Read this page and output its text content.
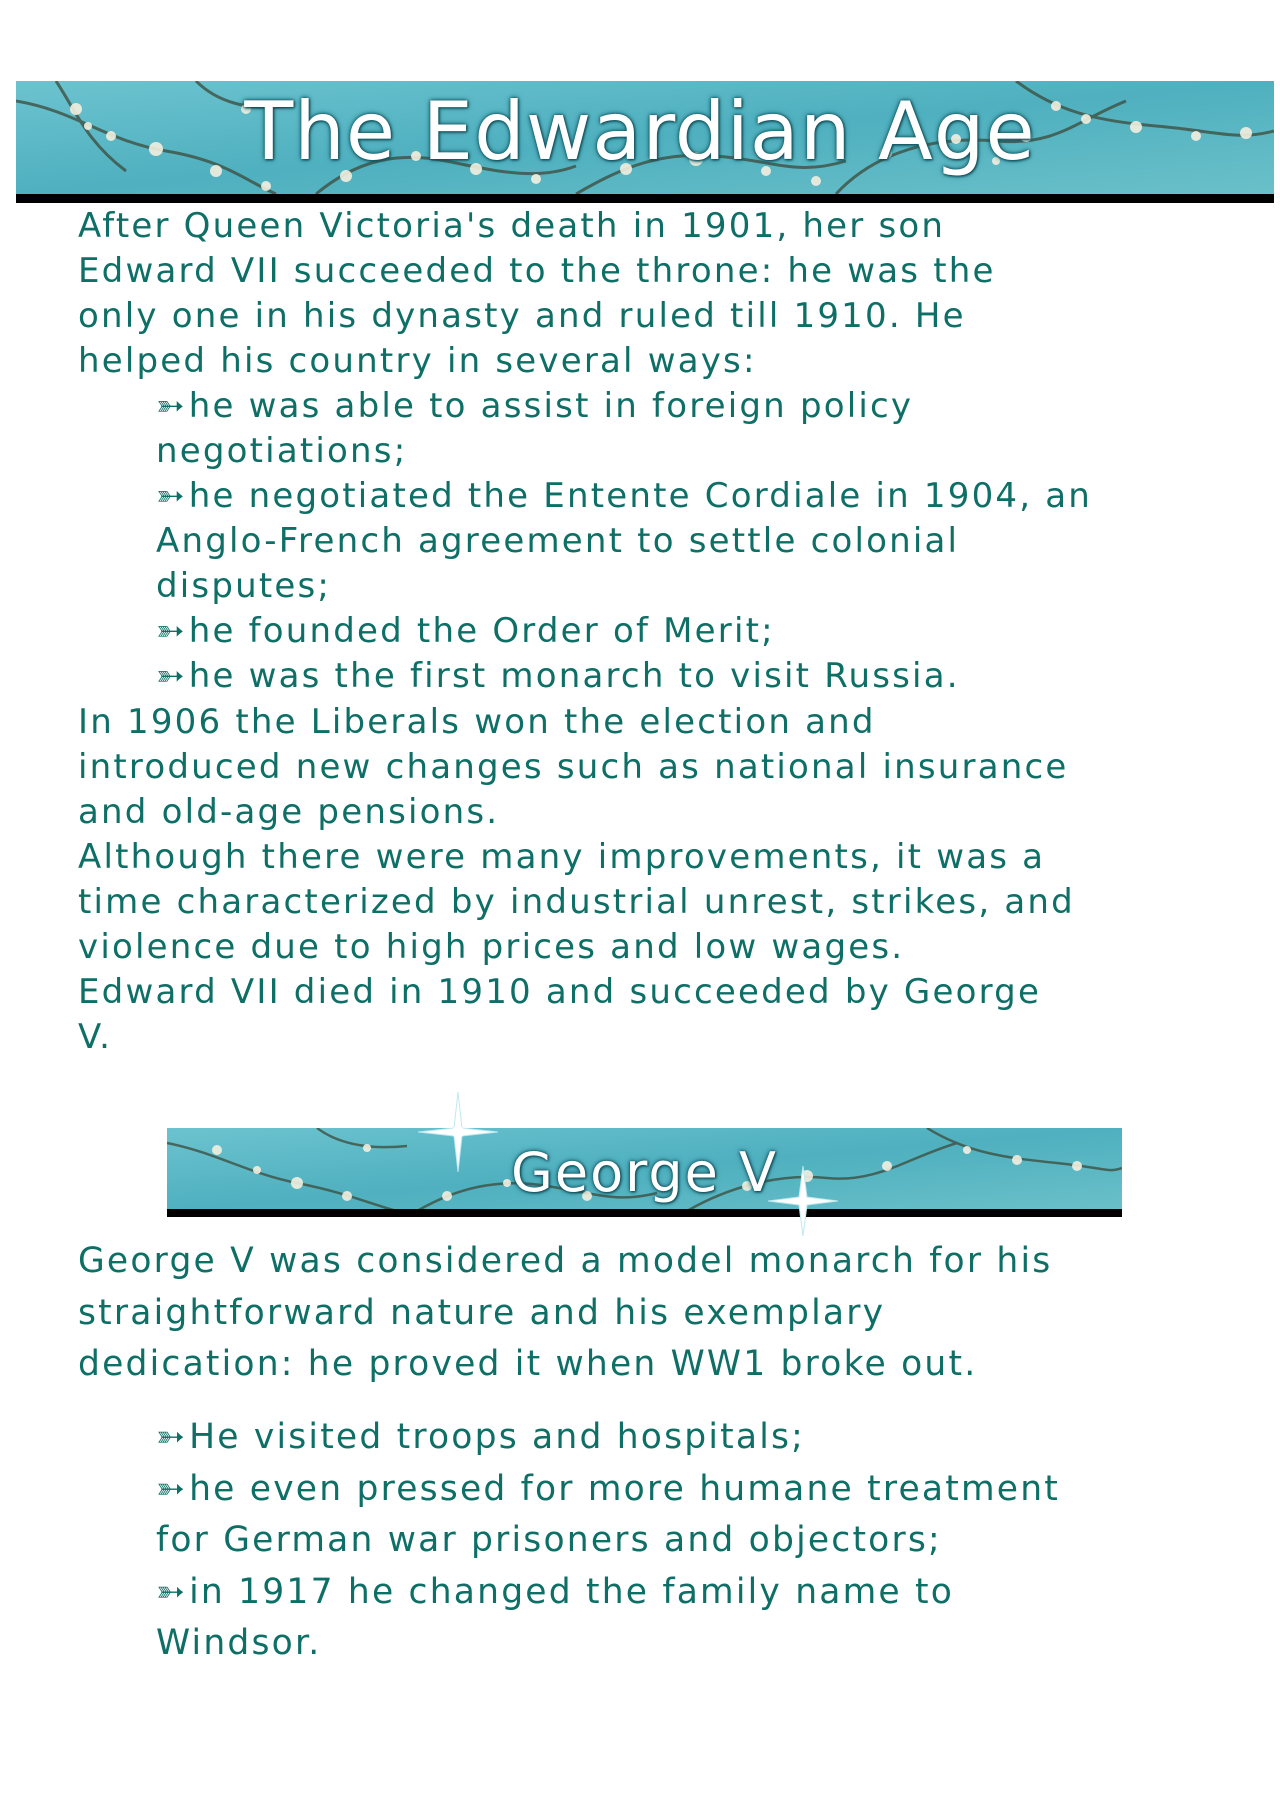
The Edwardian Age
After Queen Victoria's death in 1901, her son
Edward VII succeeded to the throne: he was the
only one in his dynasty and ruled till 1910. He
helped his country in several ways:
➳he was able to assist in foreign policy
negotiations;
➳he negotiated the Entente Cordiale in 1904, an
Anglo-French agreement to settle colonial
disputes;
➳he founded the Order of Merit;
➳he was the first monarch to visit Russia.
In 1906 the Liberals won the election and
introduced new changes such as national insurance
and old-age pensions.
Although there were many improvements, it was a
time characterized by industrial unrest, strikes, and
violence due to high prices and low wages.
Edward VII died in 1910 and succeeded by George
V.
George V
George V was considered a model monarch for his
straightforward nature and his exemplary
dedication: he proved it when WW1 broke out.
➳He visited troops and hospitals;
➳he even pressed for more humane treatment
for German war prisoners and objectors;
➳in 1917 he changed the family name to
Windsor.
